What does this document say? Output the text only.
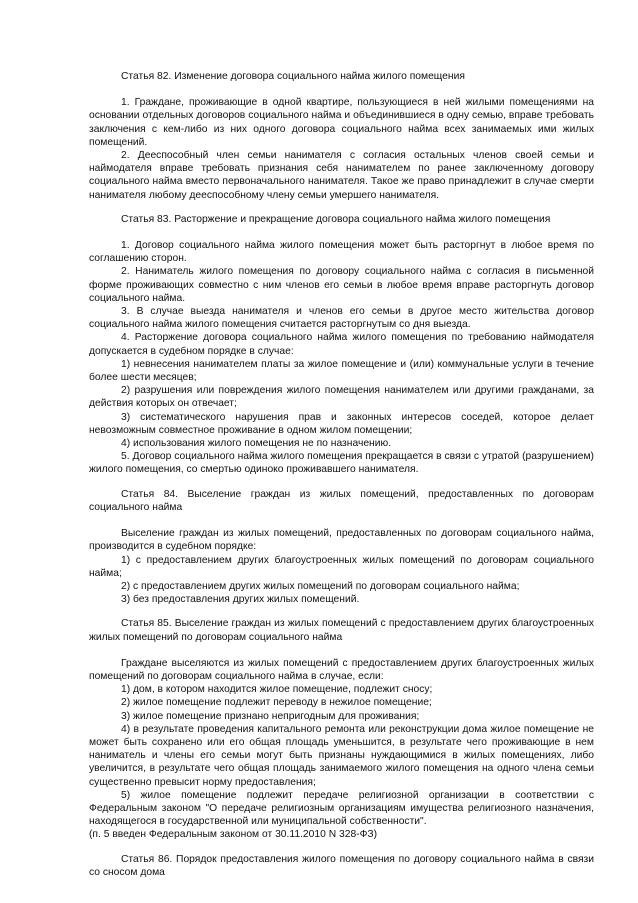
Статья 82. Изменение договора социального найма жилого помещения

1. Граждане, проживающие в одной квартире, пользующиеся в ней жилыми помещениями на основании отдельных договоров социального найма и объединившиеся в одну семью, вправе требовать заключения с кем-либо из них одного договора социального найма всех занимаемых ими жилых помещений.

2. Дееспособный член семьи нанимателя с согласия остальных членов своей семьи и наймодателя вправе требовать признания себя нанимателем по ранее заключенному договору социального найма вместо первоначального нанимателя. Такое же право принадлежит в случае смерти нанимателя любому дееспособному члену семьи умершего нанимателя.

Статья 83. Расторжение и прекращение договора социального найма жилого помещения

1. Договор социального найма жилого помещения может быть расторгнут в любое время по соглашению сторон.

2. Наниматель жилого помещения по договору социального найма с согласия в письменной форме проживающих совместно с ним членов его семьи в любое время вправе расторгнуть договор социального найма.

3. В случае выезда нанимателя и членов его семьи в другое место жительства договор социального найма жилого помещения считается расторгнутым со дня выезда.

4. Расторжение договора социального найма жилого помещения по требованию наймодателя допускается в судебном порядке в случае:

1) невнесения нанимателем платы за жилое помещение и (или) коммунальные услуги в течение более шести месяцев;

2) разрушения или повреждения жилого помещения нанимателем или другими гражданами, за действия которых он отвечает;

3) систематического нарушения прав и законных интересов соседей, которое делает невозможным совместное проживание в одном жилом помещении;

4) использования жилого помещения не по назначению.

5. Договор социального найма жилого помещения прекращается в связи с утратой (разрушением) жилого помещения, со смертью одиноко проживавшего нанимателя.

Статья 84. Выселение граждан из жилых помещений, предоставленных по договорам социального найма

Выселение граждан из жилых помещений, предоставленных по договорам социального найма, производится в судебном порядке:

1) с предоставлением других благоустроенных жилых помещений по договорам социального найма;

2) с предоставлением других жилых помещений по договорам социального найма;

3) без предоставления других жилых помещений.

Статья 85. Выселение граждан из жилых помещений с предоставлением других благоустроенных жилых помещений по договорам социального найма

Граждане выселяются из жилых помещений с предоставлением других благоустроенных жилых помещений по договорам социального найма в случае, если:

1) дом, в котором находится жилое помещение, подлежит сносу;

2) жилое помещение подлежит переводу в нежилое помещение;

3) жилое помещение признано непригодным для проживания;

4) в результате проведения капитального ремонта или реконструкции дома жилое помещение не может быть сохранено или его общая площадь уменьшится, в результате чего проживающие в нем наниматель и члены его семьи могут быть признаны нуждающимися в жилых помещениях, либо увеличится, в результате чего общая площадь занимаемого жилого помещения на одного члена семьи существенно превысит норму предоставления;

5) жилое помещение подлежит передаче религиозной организации в соответствии с Федеральным законом "О передаче религиозным организациям имущества религиозного назначения, находящегося в государственной или муниципальной собственности".

(п. 5 введен Федеральным законом от 30.11.2010 N 328-ФЗ)

Статья 86. Порядок предоставления жилого помещения по договору социального найма в связи со сносом дома
